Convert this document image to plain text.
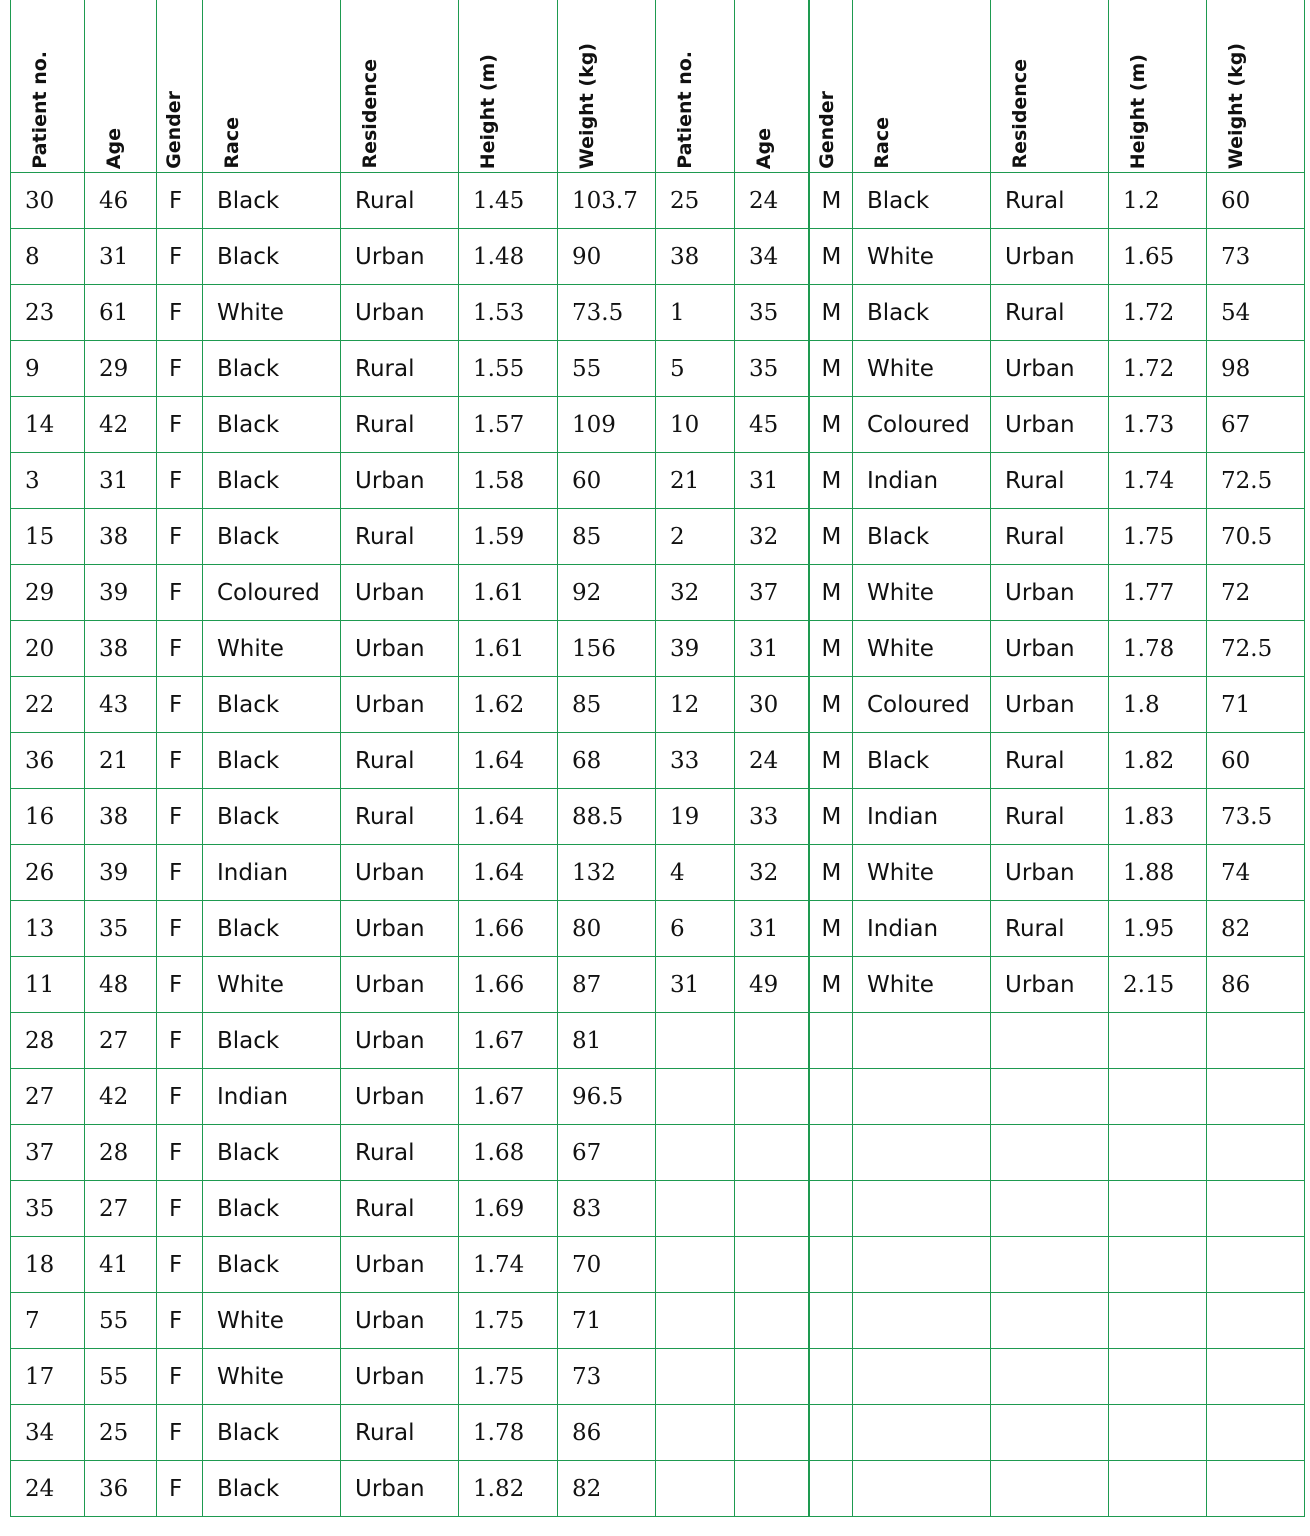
Patient no.	Age	Gender	Race	Residence	Height (m)	Weight (kg)	Patient no.	Age	Gender	Race	Residence	Height (m)	Weight (kg)

30	46	F	Black	Rural	1.45	103.7	25	24	M	Black	Rural	1.2	60
8	31	F	Black	Urban	1.48	90	38	34	M	White	Urban	1.65	73
23	61	F	White	Urban	1.53	73.5	1	35	M	Black	Rural	1.72	54
9	29	F	Black	Rural	1.55	55	5	35	M	White	Urban	1.72	98
14	42	F	Black	Rural	1.57	109	10	45	M	Coloured	Urban	1.73	67
3	31	F	Black	Urban	1.58	60	21	31	M	Indian	Rural	1.74	72.5
15	38	F	Black	Rural	1.59	85	2	32	M	Black	Rural	1.75	70.5
29	39	F	Coloured	Urban	1.61	92	32	37	M	White	Urban	1.77	72
20	38	F	White	Urban	1.61	156	39	31	M	White	Urban	1.78	72.5
22	43	F	Black	Urban	1.62	85	12	30	M	Coloured	Urban	1.8	71
36	21	F	Black	Rural	1.64	68	33	24	M	Black	Rural	1.82	60
16	38	F	Black	Rural	1.64	88.5	19	33	M	Indian	Rural	1.83	73.5
26	39	F	Indian	Urban	1.64	132	4	32	M	White	Urban	1.88	74
13	35	F	Black	Urban	1.66	80	6	31	M	Indian	Rural	1.95	82
11	48	F	White	Urban	1.66	87	31	49	M	White	Urban	2.15	86
28	27	F	Black	Urban	1.67	81							
27	42	F	Indian	Urban	1.67	96.5							
37	28	F	Black	Rural	1.68	67							
35	27	F	Black	Rural	1.69	83							
18	41	F	Black	Urban	1.74	70							
7	55	F	White	Urban	1.75	71							
17	55	F	White	Urban	1.75	73							
34	25	F	Black	Rural	1.78	86							
24	36	F	Black	Urban	1.82	82							
